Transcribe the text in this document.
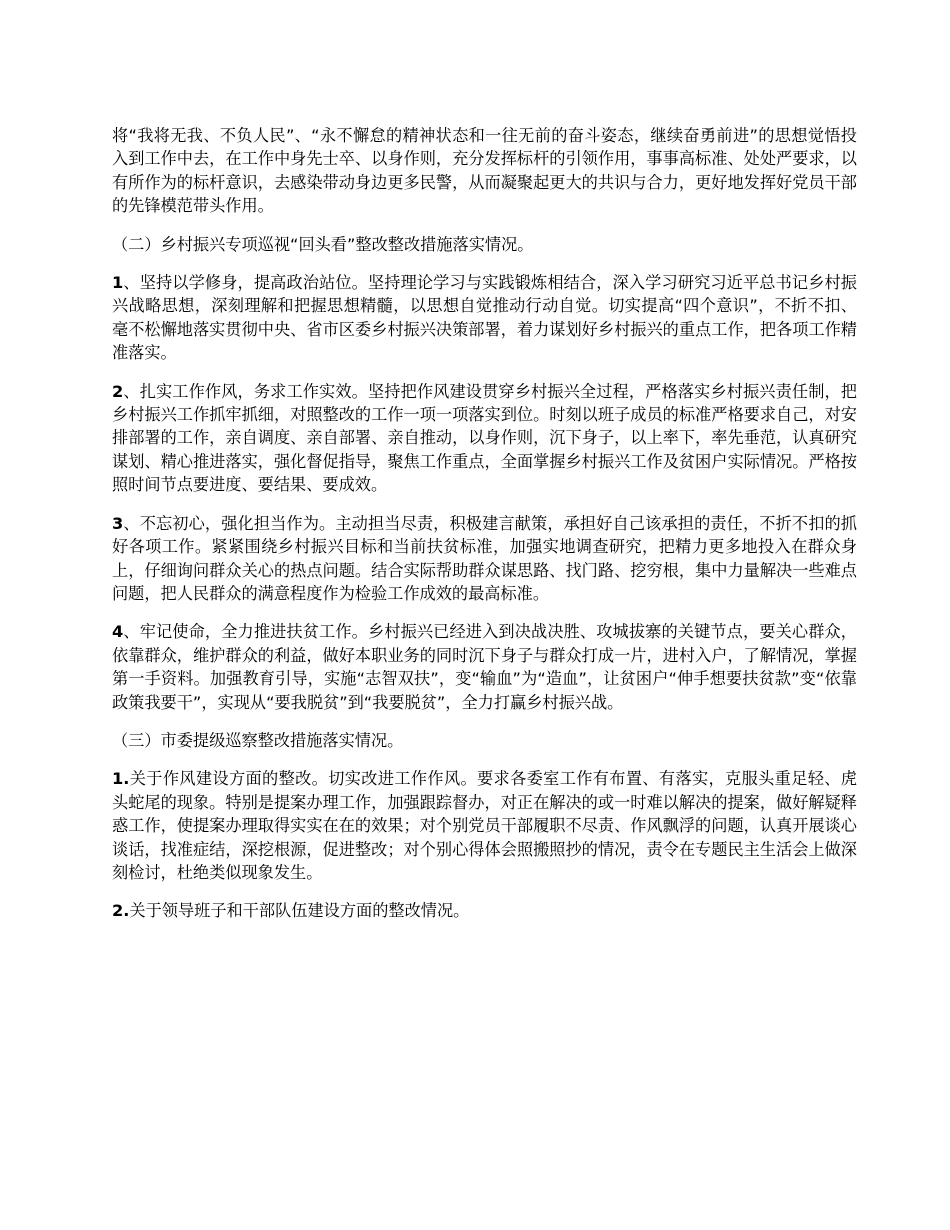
将“我将无我、不负人民”、“永不懈怠的精神状态和一往无前的奋斗姿态，继续奋勇前进”的思想觉悟投入到工作中去，在工作中身先士卒、以身作则，充分发挥标杆的引领作用，事事高标准、处处严要求，以有所作为的标杆意识，去感染带动身边更多民警，从而凝聚起更大的共识与合力，更好地发挥好党员干部的先锋模范带头作用。

（二）乡村振兴专项巡视“回头看”整改整改措施落实情况。

1、坚持以学修身，提高政治站位。坚持理论学习与实践锻炼相结合，深入学习研究习近平总书记乡村振兴战略思想，深刻理解和把握思想精髓，以思想自觉推动行动自觉。切实提高“四个意识”，不折不扣、毫不松懈地落实贯彻中央、省市区委乡村振兴决策部署，着力谋划好乡村振兴的重点工作，把各项工作精准落实。

2、扎实工作作风，务求工作实效。坚持把作风建设贯穿乡村振兴全过程，严格落实乡村振兴责任制，把乡村振兴工作抓牢抓细，对照整改的工作一项一项落实到位。时刻以班子成员的标准严格要求自己，对安排部署的工作，亲自调度、亲自部署、亲自推动，以身作则，沉下身子，以上率下，率先垂范，认真研究谋划、精心推进落实，强化督促指导，聚焦工作重点，全面掌握乡村振兴工作及贫困户实际情况。严格按照时间节点要进度、要结果、要成效。

3、不忘初心，强化担当作为。主动担当尽责，积极建言献策，承担好自己该承担的责任，不折不扣的抓好各项工作。紧紧围绕乡村振兴目标和当前扶贫标准，加强实地调查研究，把精力更多地投入在群众身上，仔细询问群众关心的热点问题。结合实际帮助群众谋思路、找门路、挖穷根，集中力量解决一些难点问题，把人民群众的满意程度作为检验工作成效的最高标准。

4、牢记使命，全力推进扶贫工作。乡村振兴已经进入到决战决胜、攻城拔寨的关键节点，要关心群众，依靠群众，维护群众的利益，做好本职业务的同时沉下身子与群众打成一片，进村入户，了解情况，掌握第一手资料。加强教育引导，实施“志智双扶”，变“输血”为“造血”，让贫困户“伸手想要扶贫款”变“依靠政策我要干”，实现从“要我脱贫”到“我要脱贫”，全力打赢乡村振兴战。

（三）市委提级巡察整改措施落实情况。

1.关于作风建设方面的整改。切实改进工作作风。要求各委室工作有布置、有落实，克服头重足轻、虎头蛇尾的现象。特别是提案办理工作，加强跟踪督办，对正在解决的或一时难以解决的提案，做好解疑释惑工作，使提案办理取得实实在在的效果；对个别党员干部履职不尽责、作风飘浮的问题，认真开展谈心谈话，找准症结，深挖根源，促进整改；对个别心得体会照搬照抄的情况，责令在专题民主生活会上做深刻检讨，杜绝类似现象发生。

2.关于领导班子和干部队伍建设方面的整改情况。
